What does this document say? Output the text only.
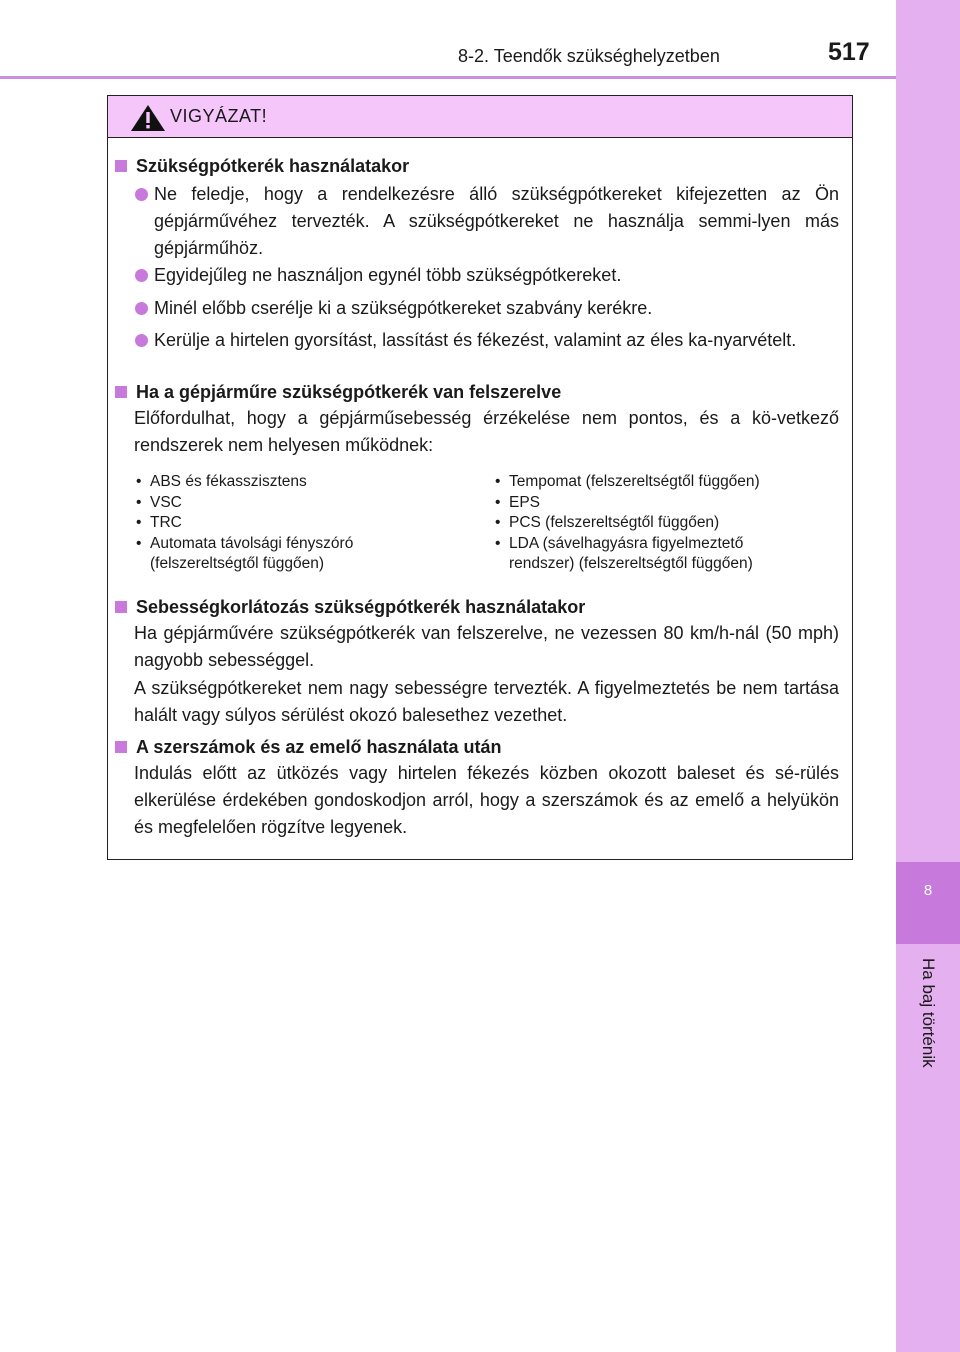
8-2. Teendők szükséghelyzetben	517
8
Ha baj történik
VIGYÁZAT!
Szükségpótkerék használatakor
Ne feledje, hogy a rendelkezésre álló szükségpótkereket kifejezetten az Ön gépjárművéhez tervezték. A szükségpótkereket ne használja semmi-lyen más gépjárműhöz.
Egyidejűleg ne használjon egynél több szükségpótkereket.
Minél előbb cserélje ki a szükségpótkereket szabvány kerékre.
Kerülje a hirtelen gyorsítást, lassítást és fékezést, valamint az éles ka-nyarvételt.
Ha a gépjárműre szükségpótkerék van felszerelve
Előfordulhat, hogy a gépjárműsebesség érzékelése nem pontos, és a kö-vetkező rendszerek nem helyesen működnek:
• ABS és fékasszisztens
• VSC
• TRC
• Automata távolsági fényszóró (felszereltségtől függően)
• Tempomat (felszereltségtől függően)
• EPS
• PCS (felszereltségtől függően)
• LDA (sávelhagyásra figyelmeztető rendszer) (felszereltségtől függően)
Sebességkorlátozás szükségpótkerék használatakor
Ha gépjárművére szükségpótkerék van felszerelve, ne vezessen 80 km/h-nál (50 mph) nagyobb sebességgel.
A szükségpótkereket nem nagy sebességre tervezték. A figyelmeztetés be nem tartása halált vagy súlyos sérülést okozó balesethez vezethet.
A szerszámok és az emelő használata után
Indulás előtt az ütközés vagy hirtelen fékezés közben okozott baleset és sé-rülés elkerülése érdekében gondoskodjon arról, hogy a szerszámok és az emelő a helyükön és megfelelően rögzítve legyenek.
